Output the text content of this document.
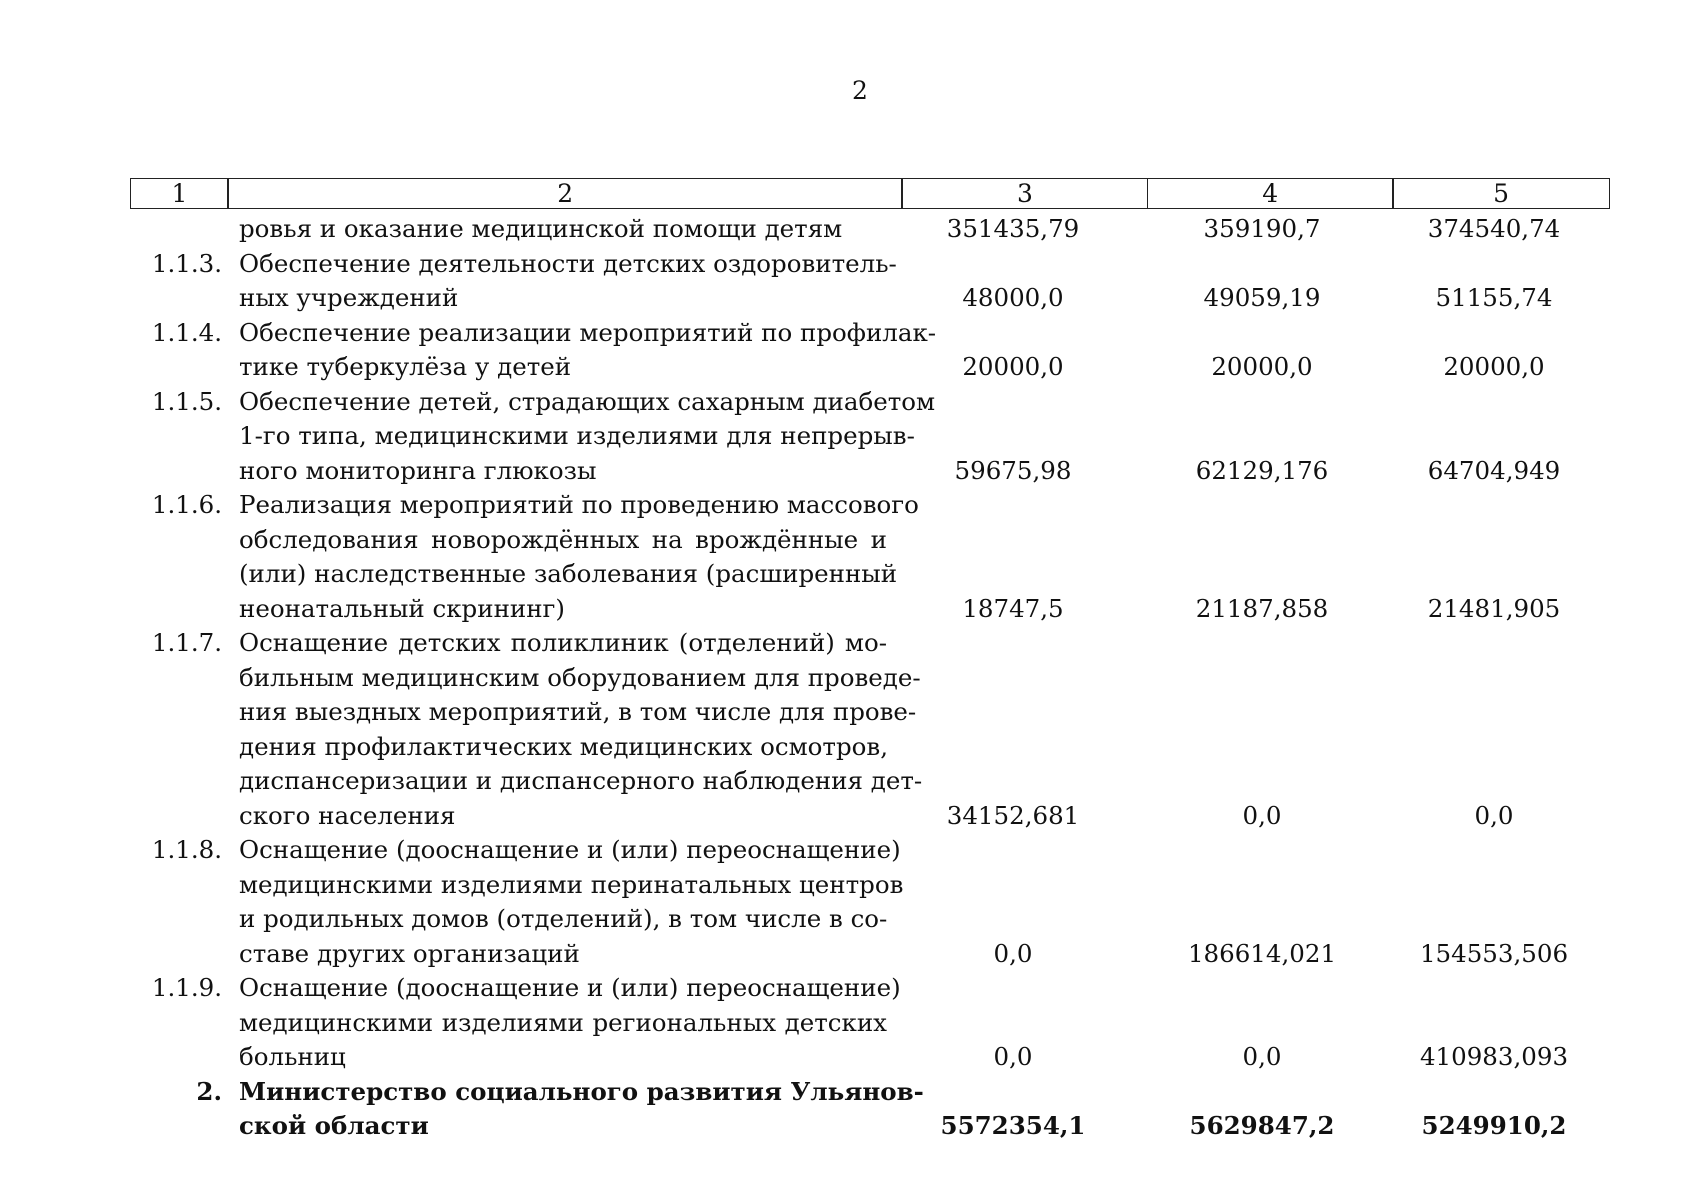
2
1	2	3	4	5
ровья и оказание медицинской помощи детям	351435,79	359190,7	374540,74
1.1.3. Обеспечение деятельности детских оздоровитель-
ных учреждений	48000,0	49059,19	51155,74
1.1.4. Обеспечение реализации мероприятий по профилак-
тике туберкулёза у детей	20000,0	20000,0	20000,0
1.1.5. Обеспечение детей, страдающих сахарным диабетом
1-го типа, медицинскими изделиями для непрерыв-
ного мониторинга глюкозы	59675,98	62129,176	64704,949
1.1.6. Реализация мероприятий по проведению массового
обследования новорождённых на врождённые и
(или) наследственные заболевания (расширенный
неонатальный скрининг)	18747,5	21187,858	21481,905
1.1.7. Оснащение детских поликлиник (отделений) мо-
бильным медицинским оборудованием для проведе-
ния выездных мероприятий, в том числе для прове-
дения профилактических медицинских осмотров,
диспансеризации и диспансерного наблюдения дет-
ского населения	34152,681	0,0	0,0
1.1.8. Оснащение (дооснащение и (или) переоснащение)
медицинскими изделиями перинатальных центров
и родильных домов (отделений), в том числе в со-
ставе других организаций	0,0	186614,021	154553,506
1.1.9. Оснащение (дооснащение и (или) переоснащение)
медицинскими изделиями региональных детских
больниц	0,0	0,0	410983,093
2. Министерство социального развития Ульянов-
ской области	5572354,1	5629847,2	5249910,2
